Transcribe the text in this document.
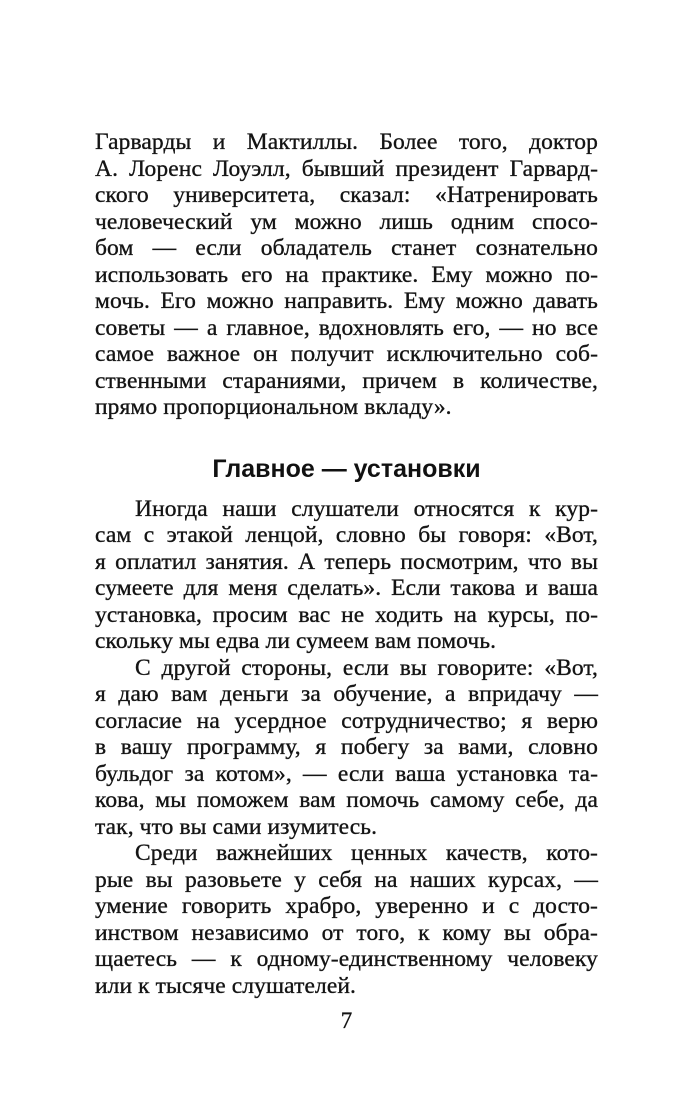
Гарварды и Мактиллы. Более того, доктор
А. Лоренс Лоуэлл, бывший президент Гарвард-
ского университета, сказал: «Натренировать
человеческий ум можно лишь одним спосо-
бом — если обладатель станет сознательно
использовать его на практике. Ему можно по-
мочь. Его можно направить. Ему можно давать
советы — а главное, вдохновлять его, — но все
самое важное он получит исключительно соб-
ственными стараниями, причем в количестве,
прямо пропорциональном вкладу».
Главное — установки
Иногда наши слушатели относятся к кур-
сам с этакой ленцой, словно бы говоря: «Вот,
я оплатил занятия. А теперь посмотрим, что вы
сумеете для меня сделать». Если такова и ваша
установка, просим вас не ходить на курсы, по-
скольку мы едва ли сумеем вам помочь.
С другой стороны, если вы говорите: «Вот,
я даю вам деньги за обучение, а впридачу —
согласие на усердное сотрудничество; я верю
в вашу программу, я побегу за вами, словно
бульдог за котом», — если ваша установка та-
кова, мы поможем вам помочь самому себе, да
так, что вы сами изумитесь.
Среди важнейших ценных качеств, кото-
рые вы разовьете у себя на наших курсах, —
умение говорить храбро, уверенно и с досто-
инством независимо от того, к кому вы обра-
щаетесь — к одному-единственному человеку
или к тысяче слушателей.
7
